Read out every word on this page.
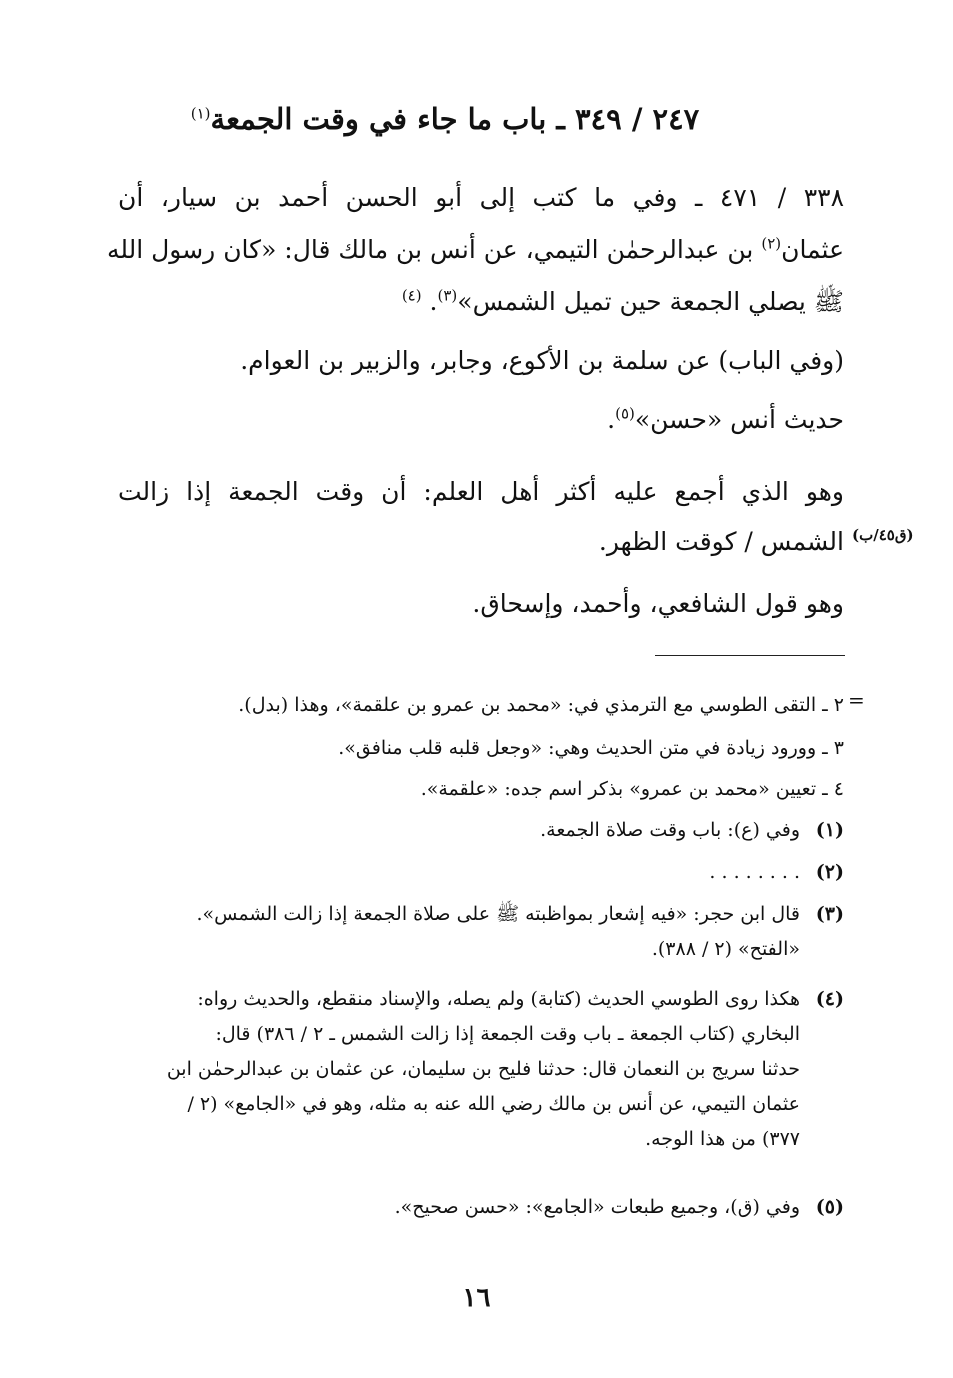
٢٤٧ / ٣٤٩ ـ باب ما جاء في وقت الجمعة$^{(١)}$
٣٣٨ / ٤٧١ ـ وفي ما كتب إلى أبو الحسن أحمد بن سيار، أن
عثمان$^{(٢)}$ بن عبدالرحمٰن التيمي، عن أنس بن مالك قال: «كان رسول الله
ﷺ يصلي الجمعة حين تميل الشمس»$^{(٣)}$. $^{(٤)}$
(وفي الباب) عن سلمة بن الأكوع، وجابر، والزبير بن العوام.
حديث أنس «حسن»$^{(٥)}$.
وهو الذي أجمع عليه أكثر أهل العلم: أن وقت الجمعة إذا زالت
الشمس / كوقت الظهر. (ق٤٥/ب)
وهو قول الشافعي، وأحمد، وإسحاق.
=
٢ ـ التقى الطوسي مع الترمذي في: «محمد بن عمرو بن علقمة»، وهذا (بدل).
٣ ـ وورود زيادة في متن الحديث وهي: «وجعل قلبه قلب منافق».
٤ ـ تعيين «محمد بن عمرو» بذكر اسم جده: «علقمة».
(١)وفي (ع): باب وقت صلاة الجمعة.
(٢). . . . . . . .
(٣)قال ابن حجر: «فيه إشعار بمواظبته ﷺ على صلاة الجمعة إذا زالت الشمس».
«الفتح» (٢ / ٣٨٨).
(٤)هكذا روى الطوسي الحديث (كتابة) ولم يصله، والإسناد منقطع، والحديث رواه:
البخاري (كتاب الجمعة ـ باب وقت الجمعة إذا زالت الشمس ـ ٢ / ٣٨٦) قال:
حدثنا سريج بن النعمان قال: حدثنا فليح بن سليمان، عن عثمان بن عبدالرحمٰن ابن
عثمان التيمي، عن أنس بن مالك رضي الله عنه به مثله، وهو في «الجامع» (٢ /
٣٧٧) من هذا الوجه.
(٥)وفي (ق)، وجميع طبعات «الجامع»: «حسن صحيح».
١٦
